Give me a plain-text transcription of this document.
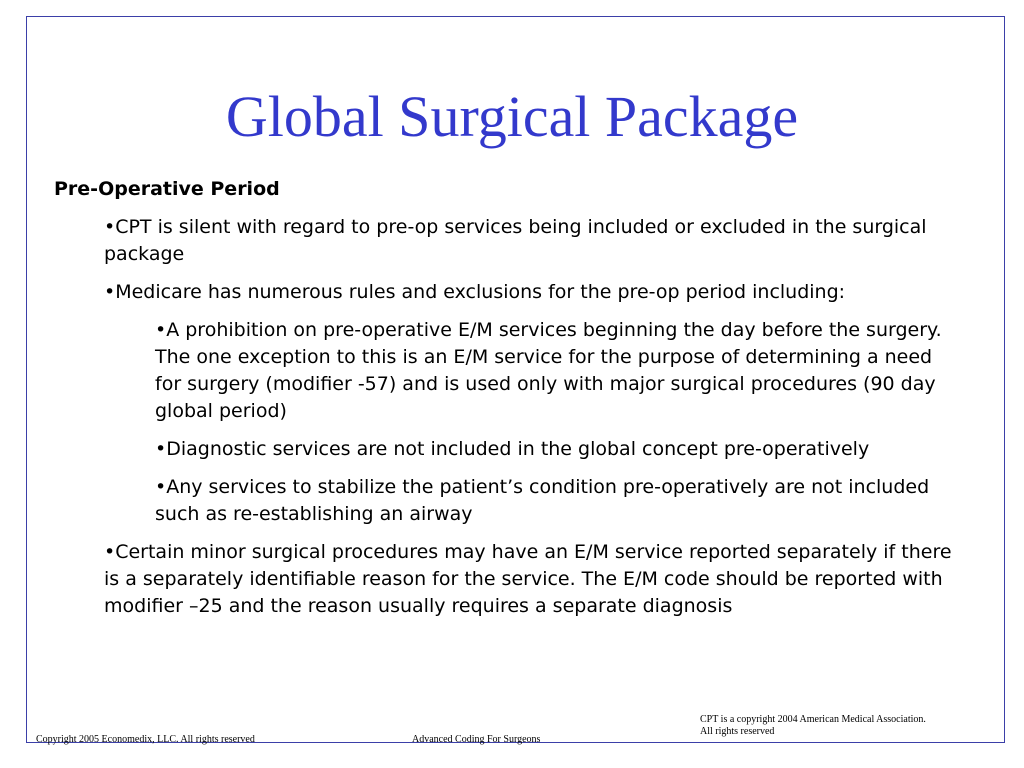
Global Surgical Package

Pre-Operative Period

•CPT is silent with regard to pre-op services being included or excluded in the surgical package

•Medicare has numerous rules and exclusions for the pre-op period including:

•A prohibition on pre-operative E/M services beginning the day before the surgery. The one exception to this is an E/M service for the purpose of determining a need for surgery (modifier -57) and is used only with major surgical procedures (90 day global period)

•Diagnostic services are not included in the global concept pre-operatively

•Any services to stabilize the patient’s condition pre-operatively are not included such as re-establishing an airway

•Certain minor surgical procedures may have an E/M service reported separately if there is a separately identifiable reason for the service. The E/M code should be reported with modifier –25 and the reason usually requires a separate diagnosis

Copyright 2005 Economedix, LLC. All rights reserved	Advanced Coding For Surgeons
CPT is a copyright 2004 American Medical Association.
All rights reserved
